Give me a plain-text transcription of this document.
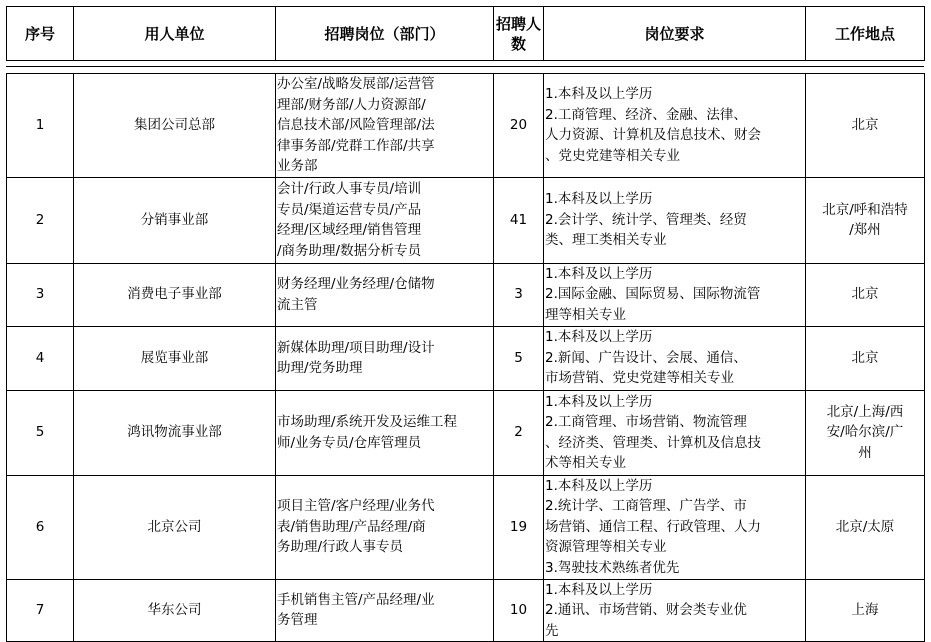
序号	用人单位	招聘岗位（部门）	招聘人数	岗位要求	工作地点
1	集团公司总部	办公室/战略发展部/运营管
理部/财务部/人力资源部/
信息技术部/风险管理部/法
律事务部/党群工作部/共享
业务部	20	1.本科及以上学历
2.工商管理、经济、金融、法律、
人力资源、计算机及信息技术、财会
、党史党建等相关专业	北京
2	分销事业部	会计/行政人事专员/培训
专员/渠道运营专员/产品
经理/区域经理/销售管理
/商务助理/数据分析专员	41	1.本科及以上学历
2.会计学、统计学、管理类、经贸
类、理工类相关专业	北京/呼和浩特
/郑州

3	消费电子事业部	财务经理/业务经理/仓储物
流主管	3	1.本科及以上学历
2.国际金融、国际贸易、国际物流管
理等相关专业	北京
4	展览事业部	新媒体助理/项目助理/设计
助理/党务助理	5	1.本科及以上学历
2.新闻、广告设计、会展、通信、
市场营销、党史党建等相关专业	北京
5	鸿讯物流事业部	市场助理/系统开发及运维工程
师/业务专员/仓库管理员	2	1.本科及以上学历
2.工商管理、市场营销、物流管理
、经济类、管理类、计算机及信息技
术等相关专业	北京/上海/西
安/哈尔滨/广
州

6	北京公司	项目主管/客户经理/业务代
表/销售助理/产品经理/商
务助理/行政人事专员	19	1.本科及以上学历
2.统计学、工商管理、广告学、市
场营销、通信工程、行政管理、人力
资源管理等相关专业
3.驾驶技术熟练者优先	北京/太原
7	华东公司	手机销售主管/产品经理/业
务管理	10	1.本科及以上学历
2.通讯、市场营销、财会类专业优
先	上海
